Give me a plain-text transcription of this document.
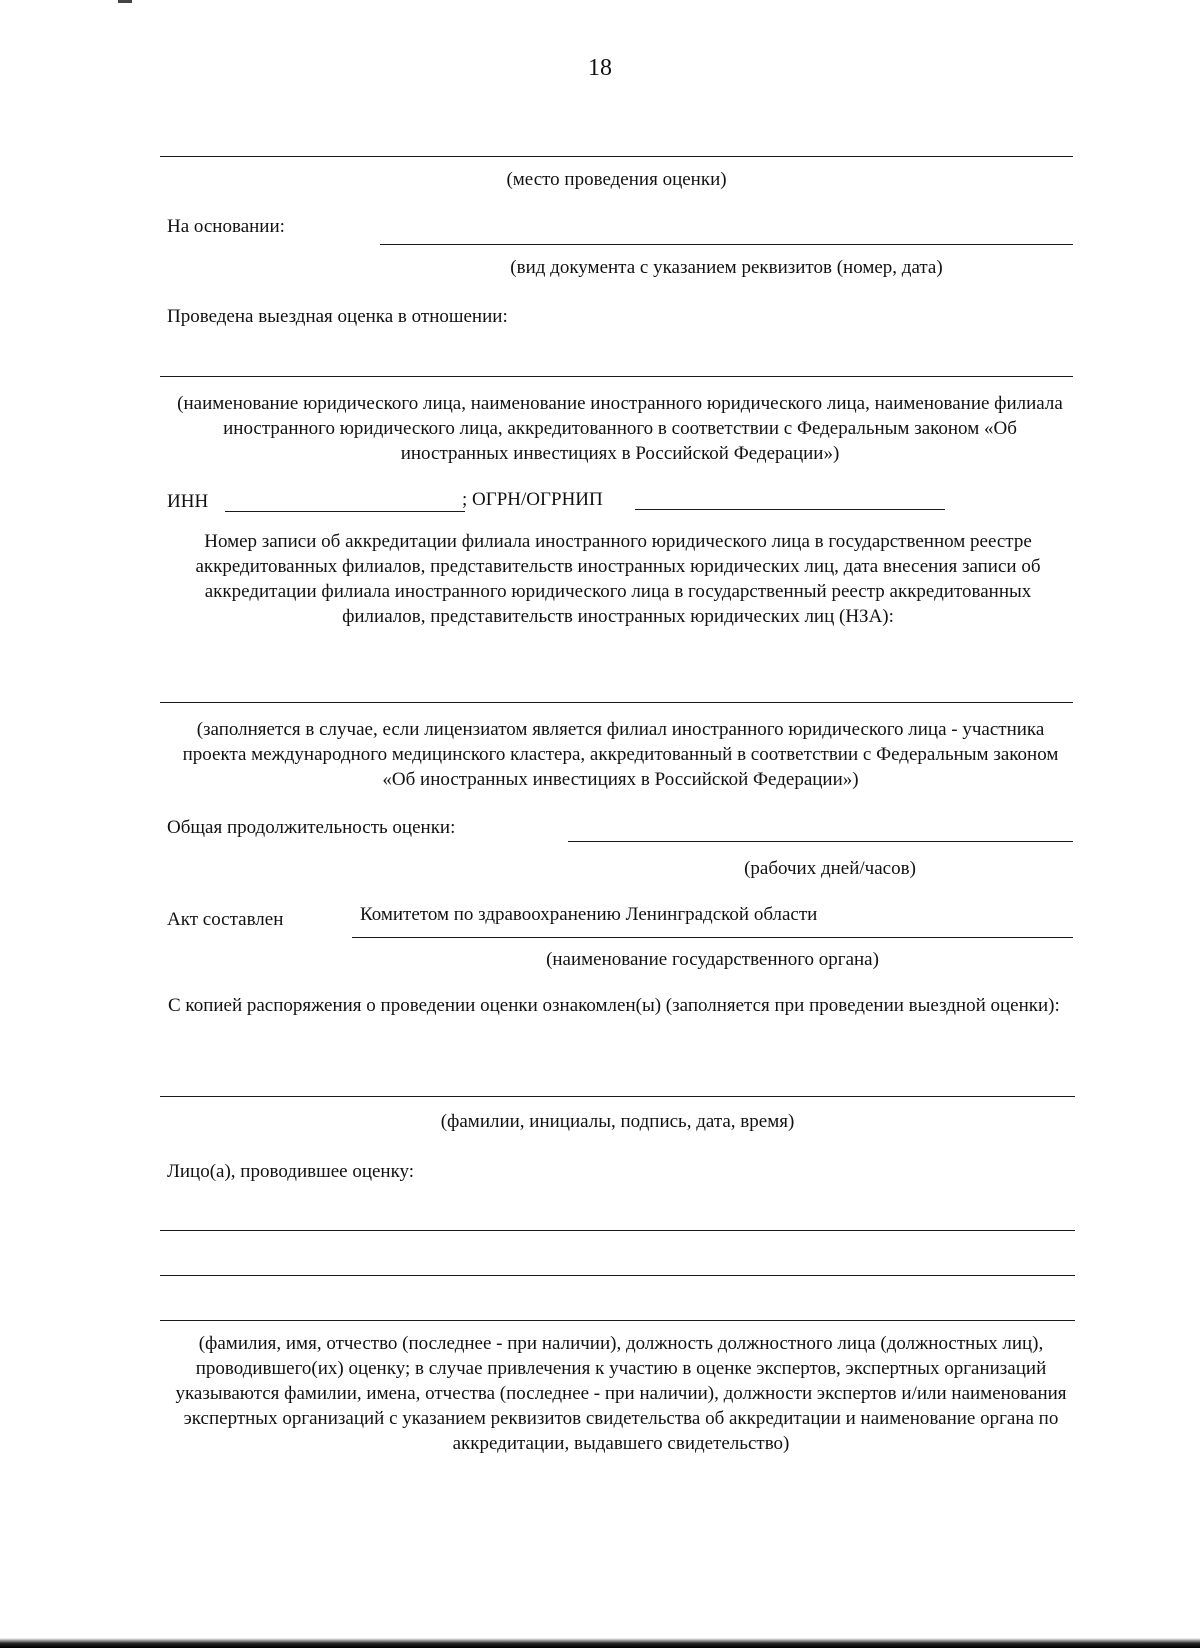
18
(место проведения оценки)
На основании:
(вид документа с указанием реквизитов (номер, дата)
Проведена выездная оценка в отношении:
(наименование юридического лица, наименование иностранного юридического лица, наименование филиала иностранного юридического лица, аккредитованного в соответствии с Федеральным законом «Об иностранных инвестициях в Российской Федерации»)
ИНН	; ОГРН/ОГРНИП
Номер записи об аккредитации филиала иностранного юридического лица в государственном реестре аккредитованных филиалов, представительств иностранных юридических лиц, дата внесения записи об аккредитации филиала иностранного юридического лица в государственный реестр аккредитованных филиалов, представительств иностранных юридических лиц (НЗА):
(заполняется в случае, если лицензиатом является филиал иностранного юридического лица - участника проекта международного медицинского кластера, аккредитованный в соответствии с Федеральным законом «Об иностранных инвестициях в Российской Федерации»)
Общая продолжительность оценки:
(рабочих дней/часов)
Акт составлен	Комитетом по здравоохранению Ленинградской области
(наименование государственного органа)
С копией распоряжения о проведении оценки ознакомлен(ы) (заполняется при проведении выездной оценки):
(фамилии, инициалы, подпись, дата, время)
Лицо(а), проводившее оценку:
(фамилия, имя, отчество (последнее - при наличии), должность должностного лица (должностных лиц), проводившего(их) оценку; в случае привлечения к участию в оценке экспертов, экспертных организаций указываются фамилии, имена, отчества (последнее - при наличии), должности экспертов и/или наименования экспертных организаций с указанием реквизитов свидетельства об аккредитации и наименование органа по аккредитации, выдавшего свидетельство)
